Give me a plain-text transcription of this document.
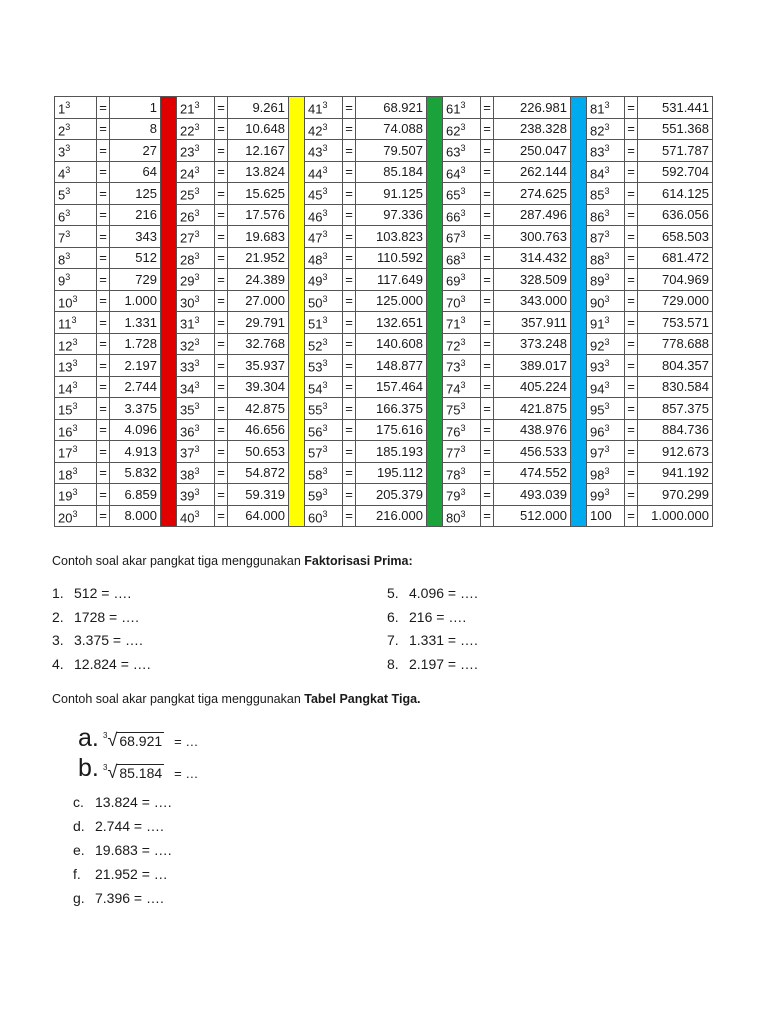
$1^3$	=	1		$21^3$	=	9.261		$41^3$	=	68.921		$61^3$	=	226.981		$81^3$	=	531.441
$2^3$	=	8		$22^3$	=	10.648		$42^3$	=	74.088		$62^3$	=	238.328		$82^3$	=	551.368
$3^3$	=	27		$23^3$	=	12.167		$43^3$	=	79.507		$63^3$	=	250.047		$83^3$	=	571.787
$4^3$	=	64		$24^3$	=	13.824		$44^3$	=	85.184		$64^3$	=	262.144		$84^3$	=	592.704
$5^3$	=	125		$25^3$	=	15.625		$45^3$	=	91.125		$65^3$	=	274.625		$85^3$	=	614.125
$6^3$	=	216		$26^3$	=	17.576		$46^3$	=	97.336		$66^3$	=	287.496		$86^3$	=	636.056
$7^3$	=	343		$27^3$	=	19.683		$47^3$	=	103.823		$67^3$	=	300.763		$87^3$	=	658.503
$8^3$	=	512		$28^3$	=	21.952		$48^3$	=	110.592		$68^3$	=	314.432		$88^3$	=	681.472
$9^3$	=	729		$29^3$	=	24.389		$49^3$	=	117.649		$69^3$	=	328.509		$89^3$	=	704.969
$10^3$	=	1.000		$30^3$	=	27.000		$50^3$	=	125.000		$70^3$	=	343.000		$90^3$	=	729.000
$11^3$	=	1.331		$31^3$	=	29.791		$51^3$	=	132.651		$71^3$	=	357.911		$91^3$	=	753.571
$12^3$	=	1.728		$32^3$	=	32.768		$52^3$	=	140.608		$72^3$	=	373.248		$92^3$	=	778.688
$13^3$	=	2.197		$33^3$	=	35.937		$53^3$	=	148.877		$73^3$	=	389.017		$93^3$	=	804.357
$14^3$	=	2.744		$34^3$	=	39.304		$54^3$	=	157.464		$74^3$	=	405.224		$94^3$	=	830.584
$15^3$	=	3.375		$35^3$	=	42.875		$55^3$	=	166.375		$75^3$	=	421.875		$95^3$	=	857.375
$16^3$	=	4.096		$36^3$	=	46.656		$56^3$	=	175.616		$76^3$	=	438.976		$96^3$	=	884.736
$17^3$	=	4.913		$37^3$	=	50.653		$57^3$	=	185.193		$77^3$	=	456.533		$97^3$	=	912.673
$18^3$	=	5.832		$38^3$	=	54.872		$58^3$	=	195.112		$78^3$	=	474.552		$98^3$	=	941.192
$19^3$	=	6.859		$39^3$	=	59.319		$59^3$	=	205.379		$79^3$	=	493.039		$99^3$	=	970.299
$20^3$	=	8.000		$40^3$	=	64.000		$60^3$	=	216.000		$80^3$	=	512.000		100	=	1.000.000
Contoh soal akar pangkat tiga menggunakan Faktorisasi Prima:
1. 512 = ….
2. 1728 = ….
3. 3.375 = ….
4. 12.824 = ….
5. 4.096 = ….
6. 216 = ….
7. 1.331 = ….
8. 2.197 = ….
Contoh soal akar pangkat tiga menggunakan Tabel Pangkat Tiga.
a. $^3$√ 68.921 = …
b. $^3$√ 85.184 = …
c. 13.824 = ….
d. 2.744 = ….
e. 19.683 = ….
f. 21.952 = …
g. 7.396 = ….
